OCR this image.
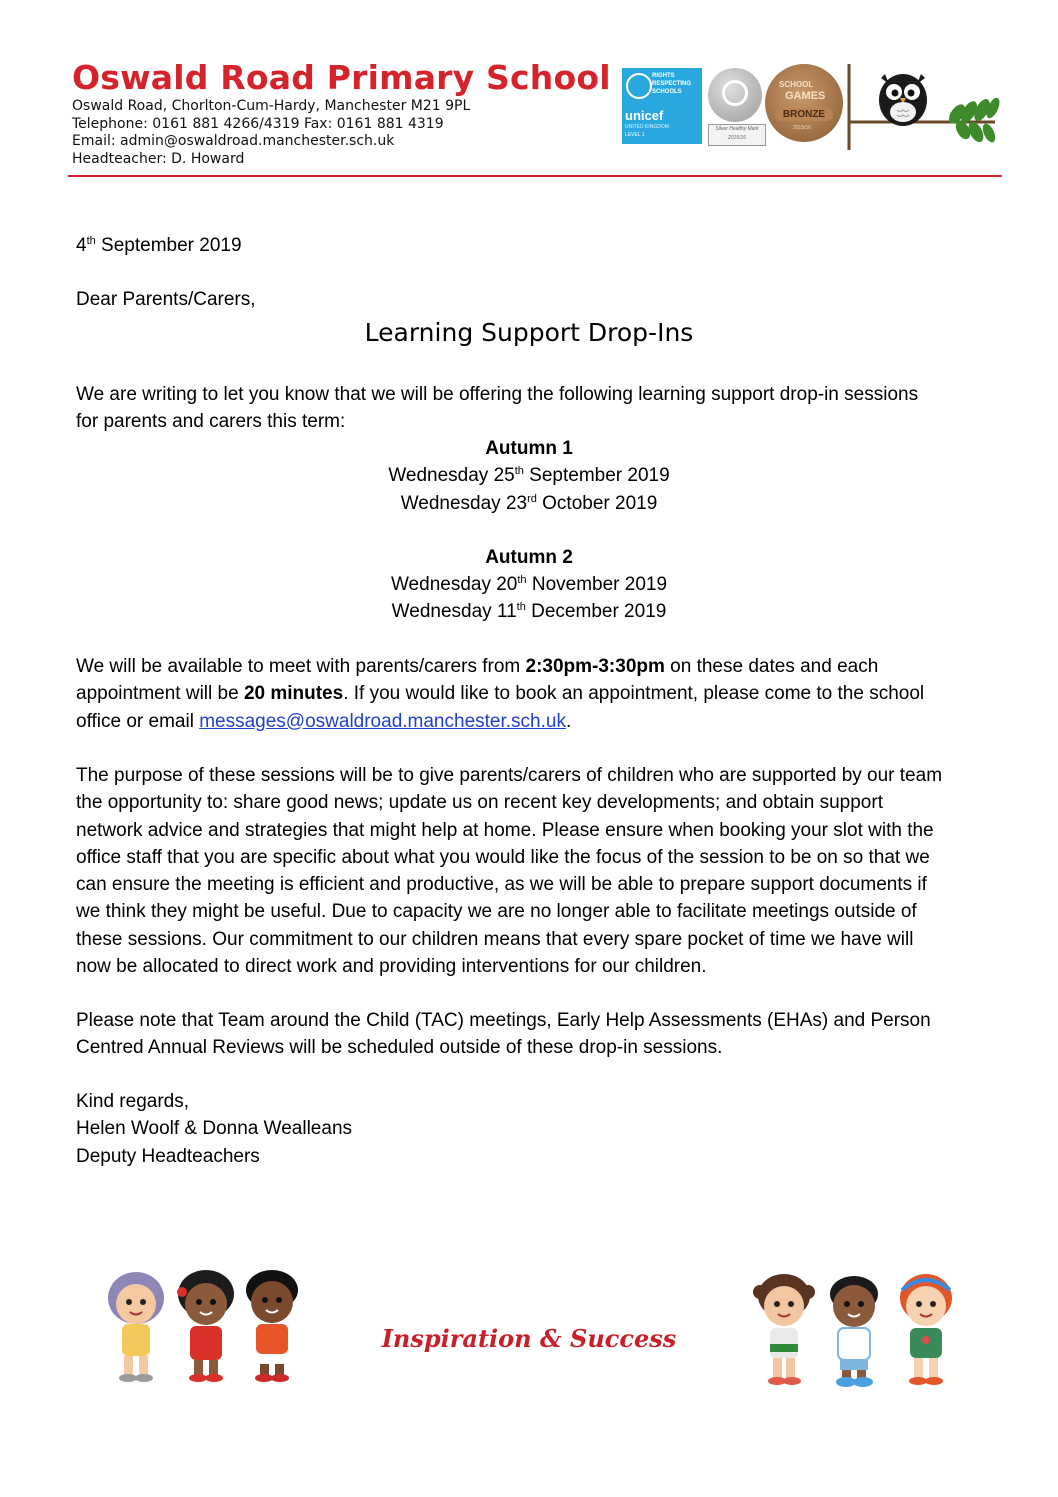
Oswald Road Primary School
Oswald Road, Chorlton-Cum-Hardy, Manchester M21 9PL
Telephone: 0161 881 4266/4319 Fax: 0161 881 4319
Email: admin@oswaldroad.manchester.sch.uk
Headteacher: D. Howard
RIGHTS
RESPECTING
SCHOOLS
unicef
UNITED KINGDOM
LEVEL 1
Silver Healthy Mark 2015/16
SCHOOL
GAMES
BRONZE
2015/16
4th September 2019
Dear Parents/Carers,
Learning Support Drop-Ins
We are writing to let you know that we will be offering the following learning support drop-in sessions
for parents and carers this term:
Autumn 1
Wednesday 25th September 2019
Wednesday 23rd October 2019
Autumn 2
Wednesday 20th November 2019
Wednesday 11th December 2019
We will be available to meet with parents/carers from 2:30pm-3:30pm on these dates and each
appointment will be 20 minutes. If you would like to book an appointment, please come to the school
office or email messages@oswaldroad.manchester.sch.uk.
The purpose of these sessions will be to give parents/carers of children who are supported by our team
the opportunity to: share good news; update us on recent key developments; and obtain support
network advice and strategies that might help at home. Please ensure when booking your slot with the
office staff that you are specific about what you would like the focus of the session to be on so that we
can ensure the meeting is efficient and productive, as we will be able to prepare support documents if
we think they might be useful. Due to capacity we are no longer able to facilitate meetings outside of
these sessions. Our commitment to our children means that every spare pocket of time we have will
now be allocated to direct work and providing interventions for our children.
Please note that Team around the Child (TAC) meetings, Early Help Assessments (EHAs) and Person
Centred Annual Reviews will be scheduled outside of these drop-in sessions.
Kind regards,
Helen Woolf & Donna Wealleans
Deputy Headteachers
Inspiration & Success
